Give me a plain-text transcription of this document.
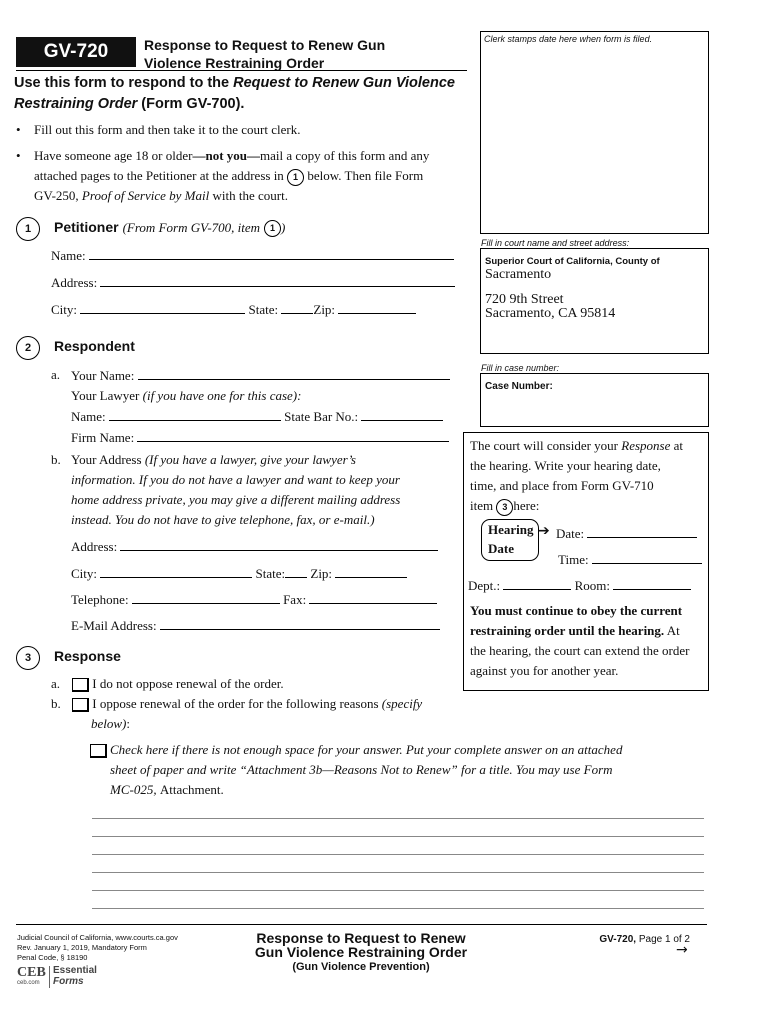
GV-720	Response to Request to Renew Gun
Violence Restraining Order
Use this form to respond to the Request to Renew Gun Violence Restraining Order (Form GV-700).
• Fill out this form and then take it to the court clerk.
• Have someone age 18 or older—not you—mail a copy of this form and any
attached pages to the Petitioner at the address in 1 below. Then file Form
GV-250, Proof of Service by Mail with the court.
Clerk stamps date here when form is filed.
Fill in court name and street address:
Superior Court of California, County of
Sacramento
720 9th Street
Sacramento, CA 95814
Fill in case number:
Case Number:
1 Petitioner (From Form GV-700, item 1 )
Name:
Address:
City:	State:	Zip:
2 Respondent
a. Your Name:
Your Lawyer (if you have one for this case):
Name:	State Bar No.:
Firm Name:
b. Your Address (If you have a lawyer, give your lawyer’s
information. If you do not have a lawyer and want to keep your
home address private, you may give a different mailing address
instead. You do not have to give telephone, fax, or e-mail.)
Address:
City:	State: Zip:
Telephone:	Fax:
E-Mail Address:
The court will consider your Response at
the hearing. Write your hearing date,
time, and place from Form GV-710
item 3 here:
Hearing
Date
➔ Date:
Time:
Dept.:	Room:
You must continue to obey the current
restraining order until the hearing. At
the hearing, the court can extend the order
against you for another year.
3 Response
a. I do not oppose renewal of the order.
b. I oppose renewal of the order for the following reasons (specify
below):
Check here if there is not enough space for your answer. Put your complete answer on an attached
sheet of paper and write “Attachment 3b—Reasons Not to Renew” for a title. You may use Form
MC-025, Attachment.
Judicial Council of California, www.courts.ca.gov
Rev. January 1, 2019, Mandatory Form
Penal Code, § 18190
CEB
ceb.com
Essential
Forms
Response to Request to Renew
Gun Violence Restraining Order
(Gun Violence Prevention)
GV-720, Page 1 of 2
→
